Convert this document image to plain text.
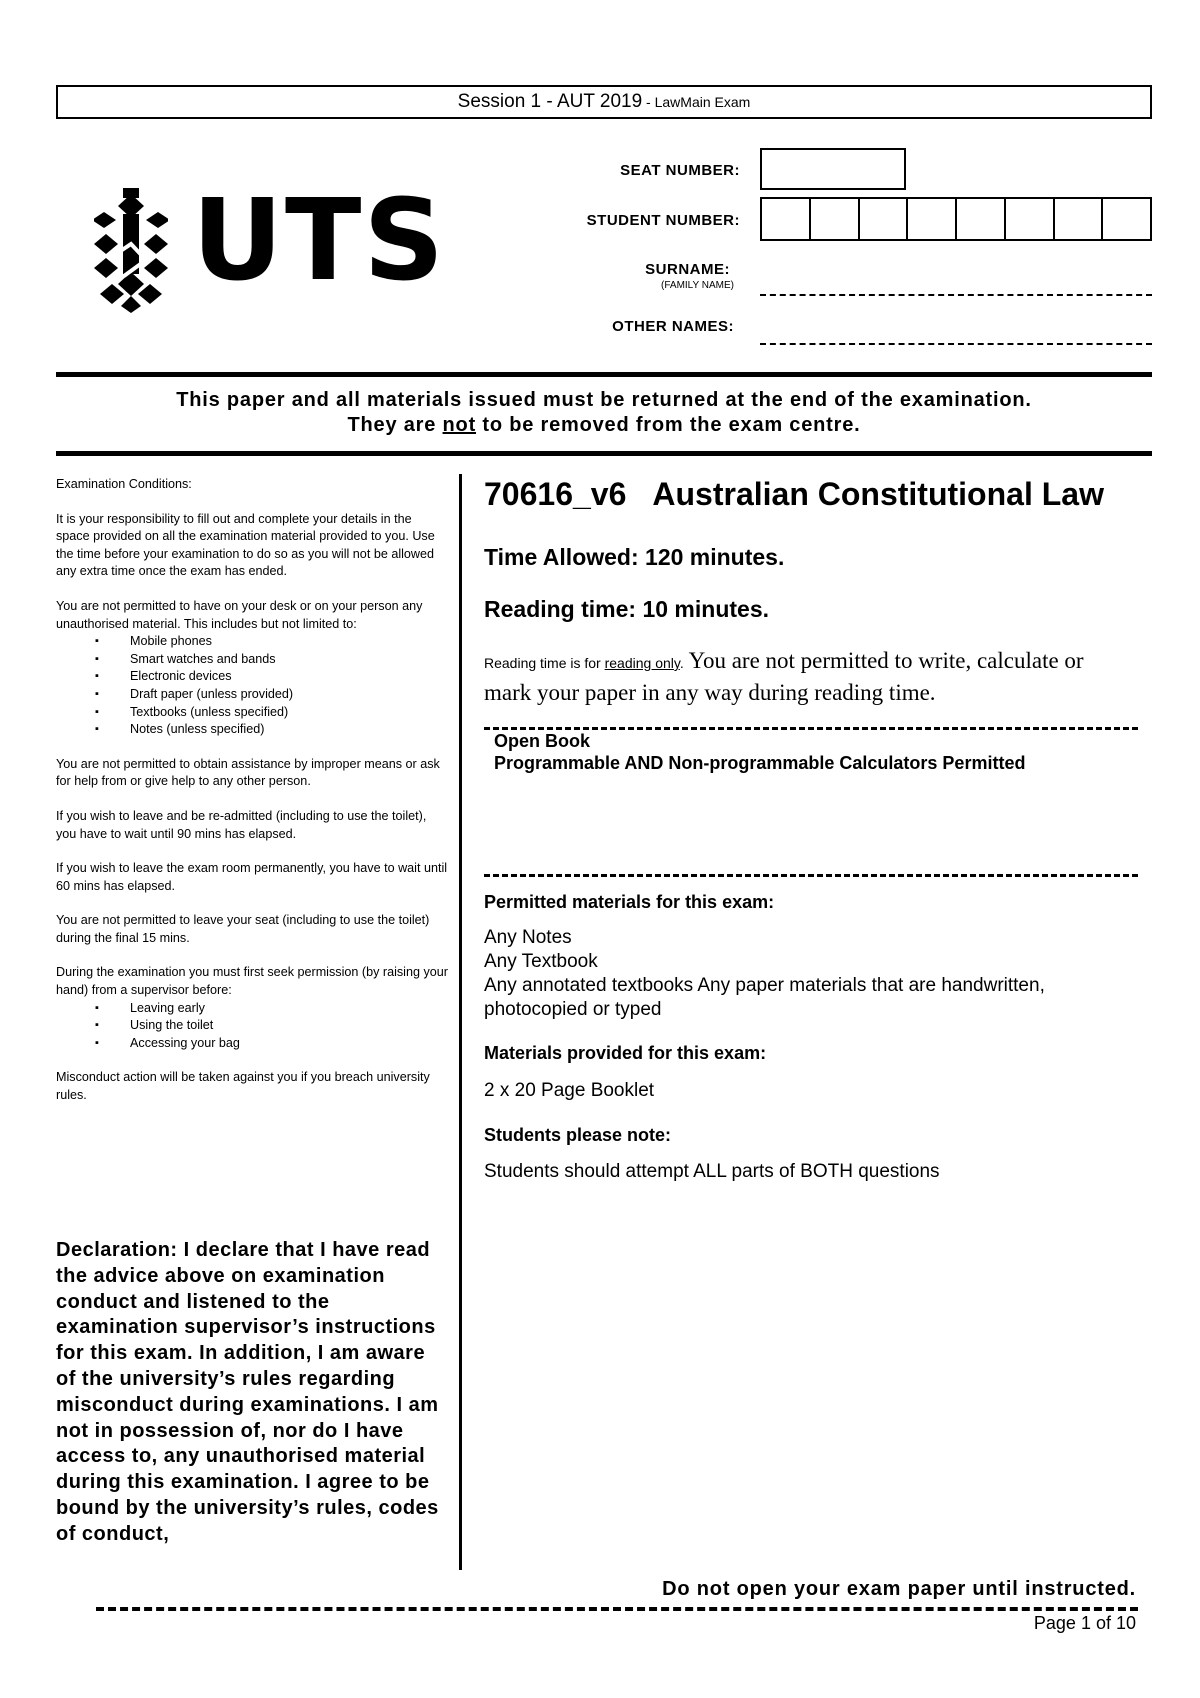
Session 1 - AUT 2019 - LawMain Exam
UTS
SEAT NUMBER:
STUDENT NUMBER:
SURNAME:
(FAMILY NAME)
OTHER NAMES:
This paper and all materials issued must be returned at the end of the examination.
They are not to be removed from the exam centre.

Examination Conditions:

It is your responsibility to fill out and complete your details in the space provided on all the examination material provided to you. Use the time before your examination to do so as you will not be allowed any extra time once the exam has ended.

You are not permitted to have on your desk or on your person any unauthorised material. This includes but not limited to:

▪ Mobile phones
▪ Smart watches and bands
▪ Electronic devices
▪ Draft paper (unless provided)
▪ Textbooks (unless specified)
▪ Notes (unless specified)

You are not permitted to obtain assistance by improper means or ask for help from or give help to any other person.

If you wish to leave and be re-admitted (including to use the toilet), you have to wait until 90 mins has elapsed.

If you wish to leave the exam room permanently, you have to wait until 60 mins has elapsed.

You are not permitted to leave your seat (including to use the toilet) during the final 15 mins.

During the examination you must first seek permission (by raising your hand) from a supervisor before:

▪ Leaving early
▪ Using the toilet
▪ Accessing your bag

Misconduct action will be taken against you if you breach university rules.

Declaration: I declare that I have read the advice above on examination conduct and listened to the examination supervisor’s instructions for this exam. In addition, I am aware of the university’s rules regarding misconduct during examinations. I am not in possession of, nor do I have access to, any unauthorised material during this examination. I agree to be bound by the university’s rules, codes of conduct,
70616_v6 Australian Constitutional Law
Time Allowed: 120 minutes.
Reading time: 10 minutes.
Reading time is for reading only. You are not permitted to write, calculate or mark your paper in any way during reading time.
Open Book
Programmable AND Non-programmable Calculators Permitted
Permitted materials for this exam:
Any Notes
Any Textbook
Any annotated textbooks Any paper materials that are handwritten, photocopied or typed
Materials provided for this exam:
2 x 20 Page Booklet
Students please note:
Students should attempt ALL parts of BOTH questions
Do not open your exam paper until instructed.
Page 1 of 10
